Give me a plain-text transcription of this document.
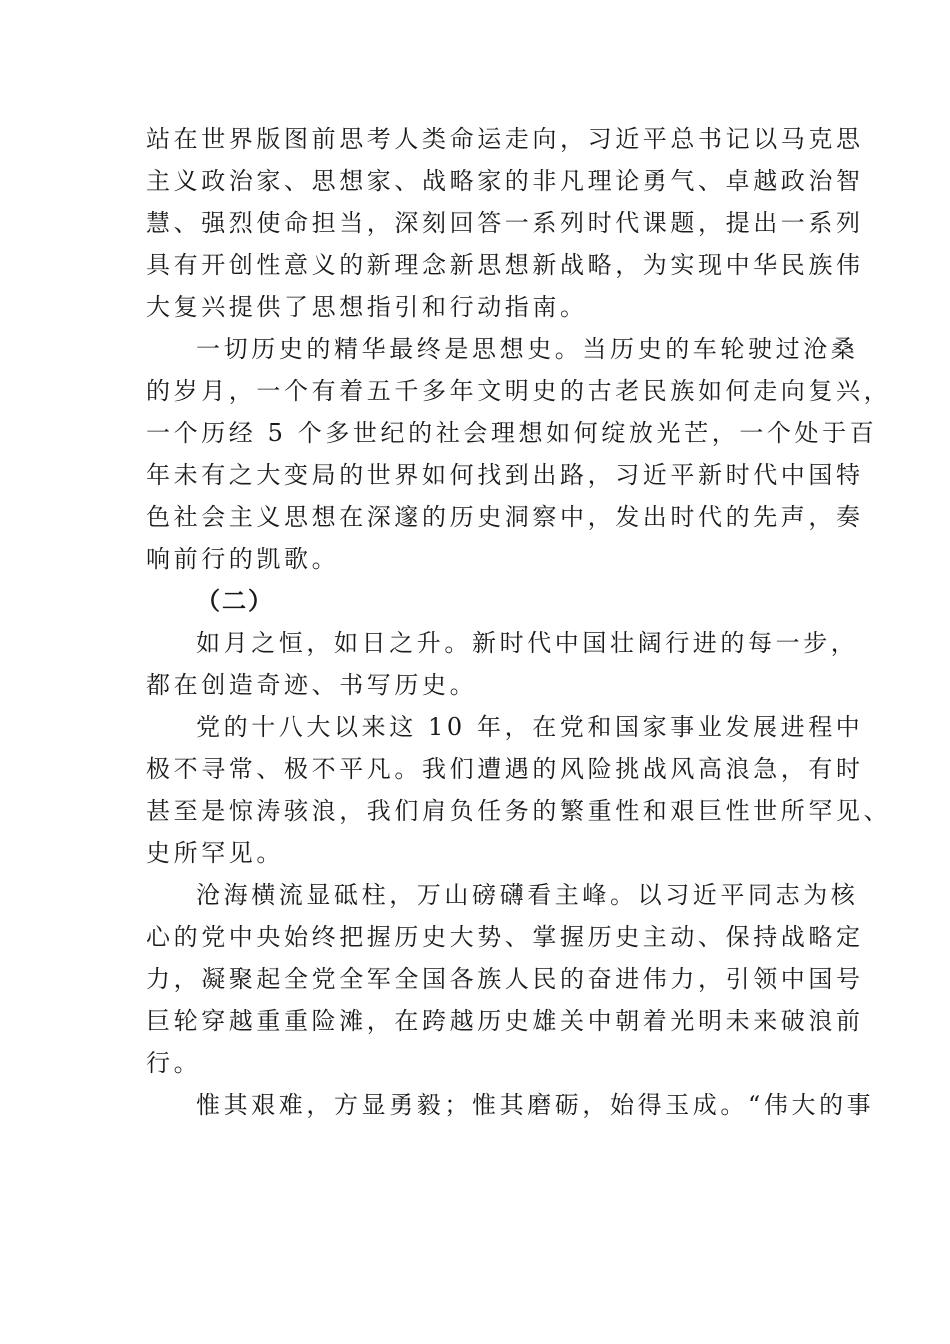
站在世界版图前思考人类命运走向，习近平总书记以马克思
主义政治家、思想家、战略家的非凡理论勇气、卓越政治智
慧、强烈使命担当，深刻回答一系列时代课题，提出一系列
具有开创性意义的新理念新思想新战略，为实现中华民族伟
大复兴提供了思想指引和行动指南。
一切历史的精华最终是思想史。当历史的车轮驶过沧桑
的岁月，一个有着五千多年文明史的古老民族如何走向复兴，
一个历经 5 个多世纪的社会理想如何绽放光芒，一个处于百
年未有之大变局的世界如何找到出路，习近平新时代中国特
色社会主义思想在深邃的历史洞察中，发出时代的先声，奏
响前行的凯歌。
（二）
如月之恒，如日之升。新时代中国壮阔行进的每一步，
都在创造奇迹、书写历史。
党的十八大以来这 10 年，在党和国家事业发展进程中
极不寻常、极不平凡。我们遭遇的风险挑战风高浪急，有时
甚至是惊涛骇浪，我们肩负任务的繁重性和艰巨性世所罕见、
史所罕见。
沧海横流显砥柱，万山磅礴看主峰。以习近平同志为核
心的党中央始终把握历史大势、掌握历史主动、保持战略定
力，凝聚起全党全军全国各族人民的奋进伟力，引领中国号
巨轮穿越重重险滩，在跨越历史雄关中朝着光明未来破浪前
行。
惟其艰难，方显勇毅；惟其磨砺，始得玉成。“伟大的事
